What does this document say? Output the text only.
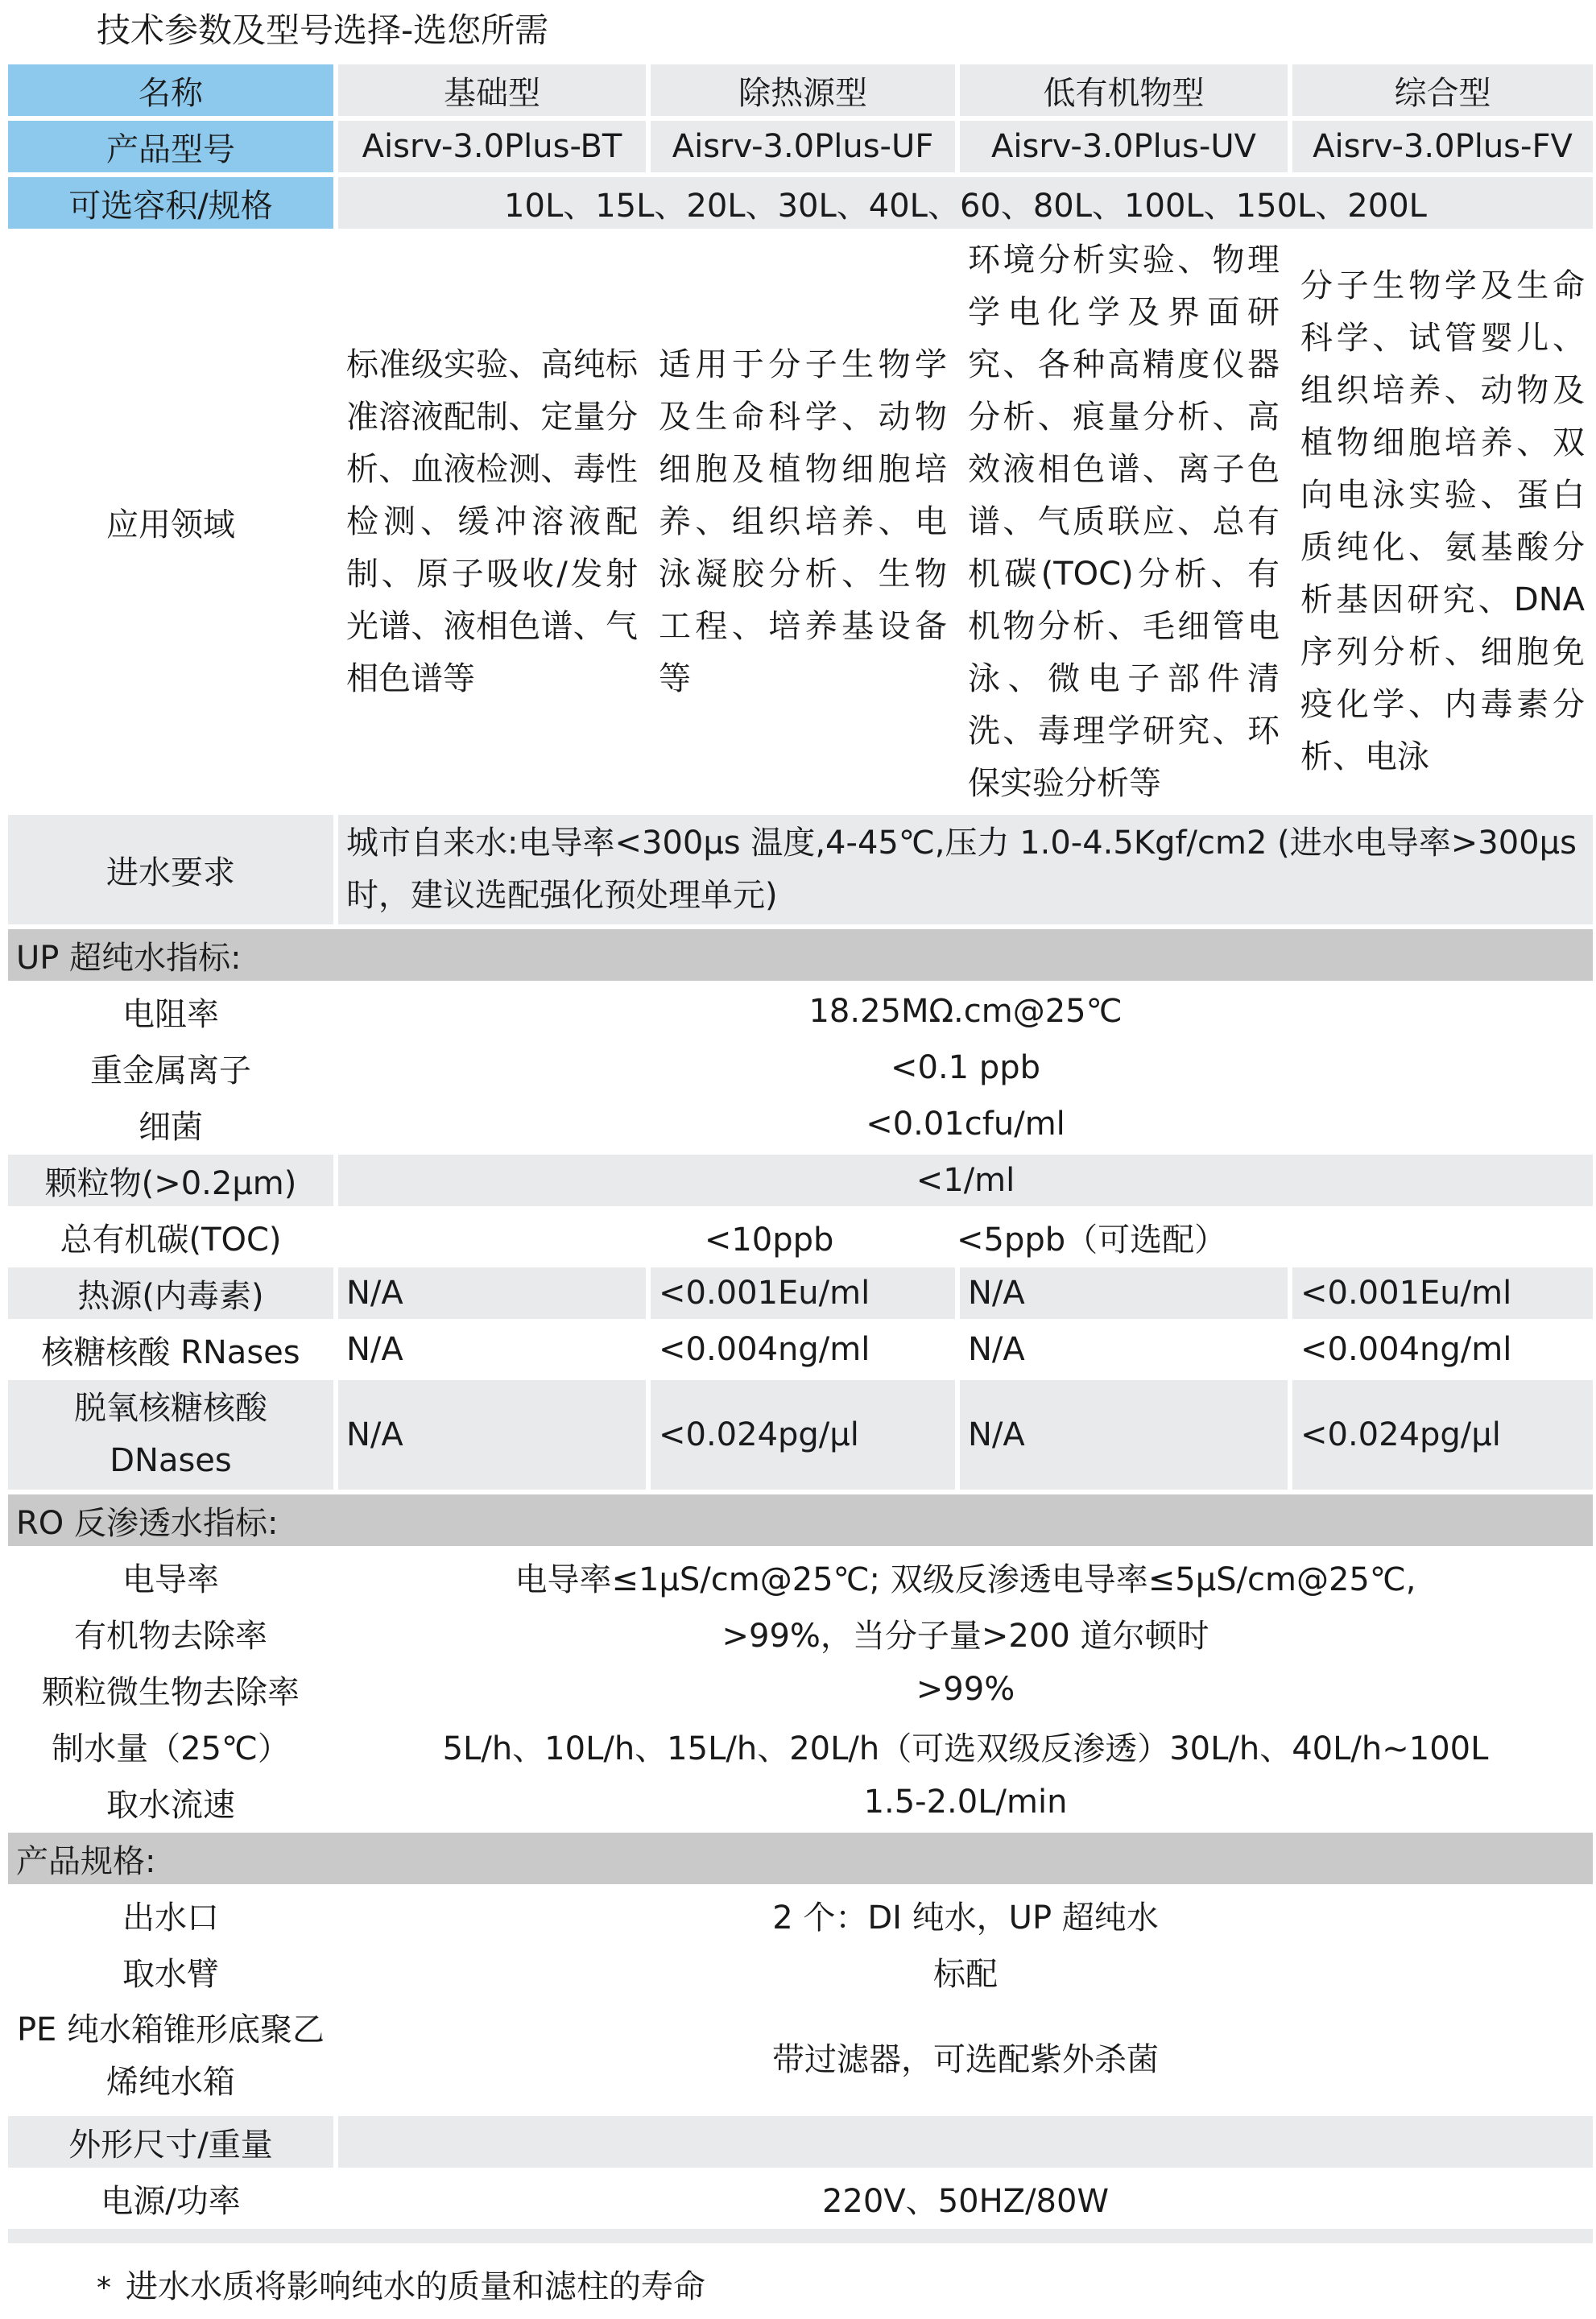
技术参数及型号选择-选您所需
名称	基础型	除热源型	低有机物型	综合型
产品型号	Aisrv-3.0Plus-BT	Aisrv-3.0Plus-UF	Aisrv-3.0Plus-UV	Aisrv-3.0Plus-FV
可选容积/规格	10L、15L、20L、30L、40L、60、80L、100L、150L、200L			
应用领域	标准级实验、高纯标准溶液配制、定量分析、血液检测、毒性检测、缓冲溶液配制、原子吸收/发射光谱、液相色谱、气相色谱等	适用于分子生物学及生命科学、动物细胞及植物细胞培养、组织培养、电泳凝胶分析、生物工程、培养基设备等	环境分析实验、物理学电化学及界面研究、各种高精度仪器分析、痕量分析、高效液相色谱、离子色谱、气质联应、总有机碳(TOC)分析、有机物分析、毛细管电泳、微电子部件清洗、毒理学研究、环保实验分析等	分子生物学及生命科学、试管婴儿、组织培养、动物及植物细胞培养、双向电泳实验、蛋白质纯化、氨基酸分析基因研究、DNA 序列分析、细胞免疫化学、内毒素分析、电泳
进水要求	城市自来水:电导率<300μs 温度,4-45℃,压力 1.0-4.5Kgf/cm2 (进水电导率>300μs 时，建议选配强化预处理单元)			
UP 超纯水指标:				
电阻率	18.25MΩ.cm@25℃			
重金属离子	<0.1 ppb			
细菌	<0.01cfu/ml			
颗粒物(>0.2μm)	<1/ml			
总有机碳(TOC)	<10ppb            <5ppb（可选配）			
热源(内毒素)	N/A	<0.001Eu/ml	N/A	<0.001Eu/ml
核糖核酸 RNases	N/A	<0.004ng/ml	N/A	<0.004ng/ml
脱氧核糖核酸 DNases	N/A	<0.024pg/μl	N/A	<0.024pg/μl
RO 反渗透水指标:				
电导率	电导率≤1μS/cm@25℃; 双级反渗透电导率≤5μS/cm@25℃,			
有机物去除率	>99%，当分子量>200 道尔顿时			
颗粒微生物去除率	>99%			
制水量（25℃）	5L/h、10L/h、15L/h、20L/h（可选双级反渗透）30L/h、40L/h~100L			
取水流速	1.5-2.0L/min			
产品规格:				
出水口	2 个：DI 纯水，UP 超纯水			
取水臂	标配			
PE 纯水箱锥形底聚乙烯纯水箱	带过滤器，可选配紫外杀菌			
外形尺寸/重量				
电源/功率	220V、50HZ/80W			

* 进水水质将影响纯水的质量和滤柱的寿命
